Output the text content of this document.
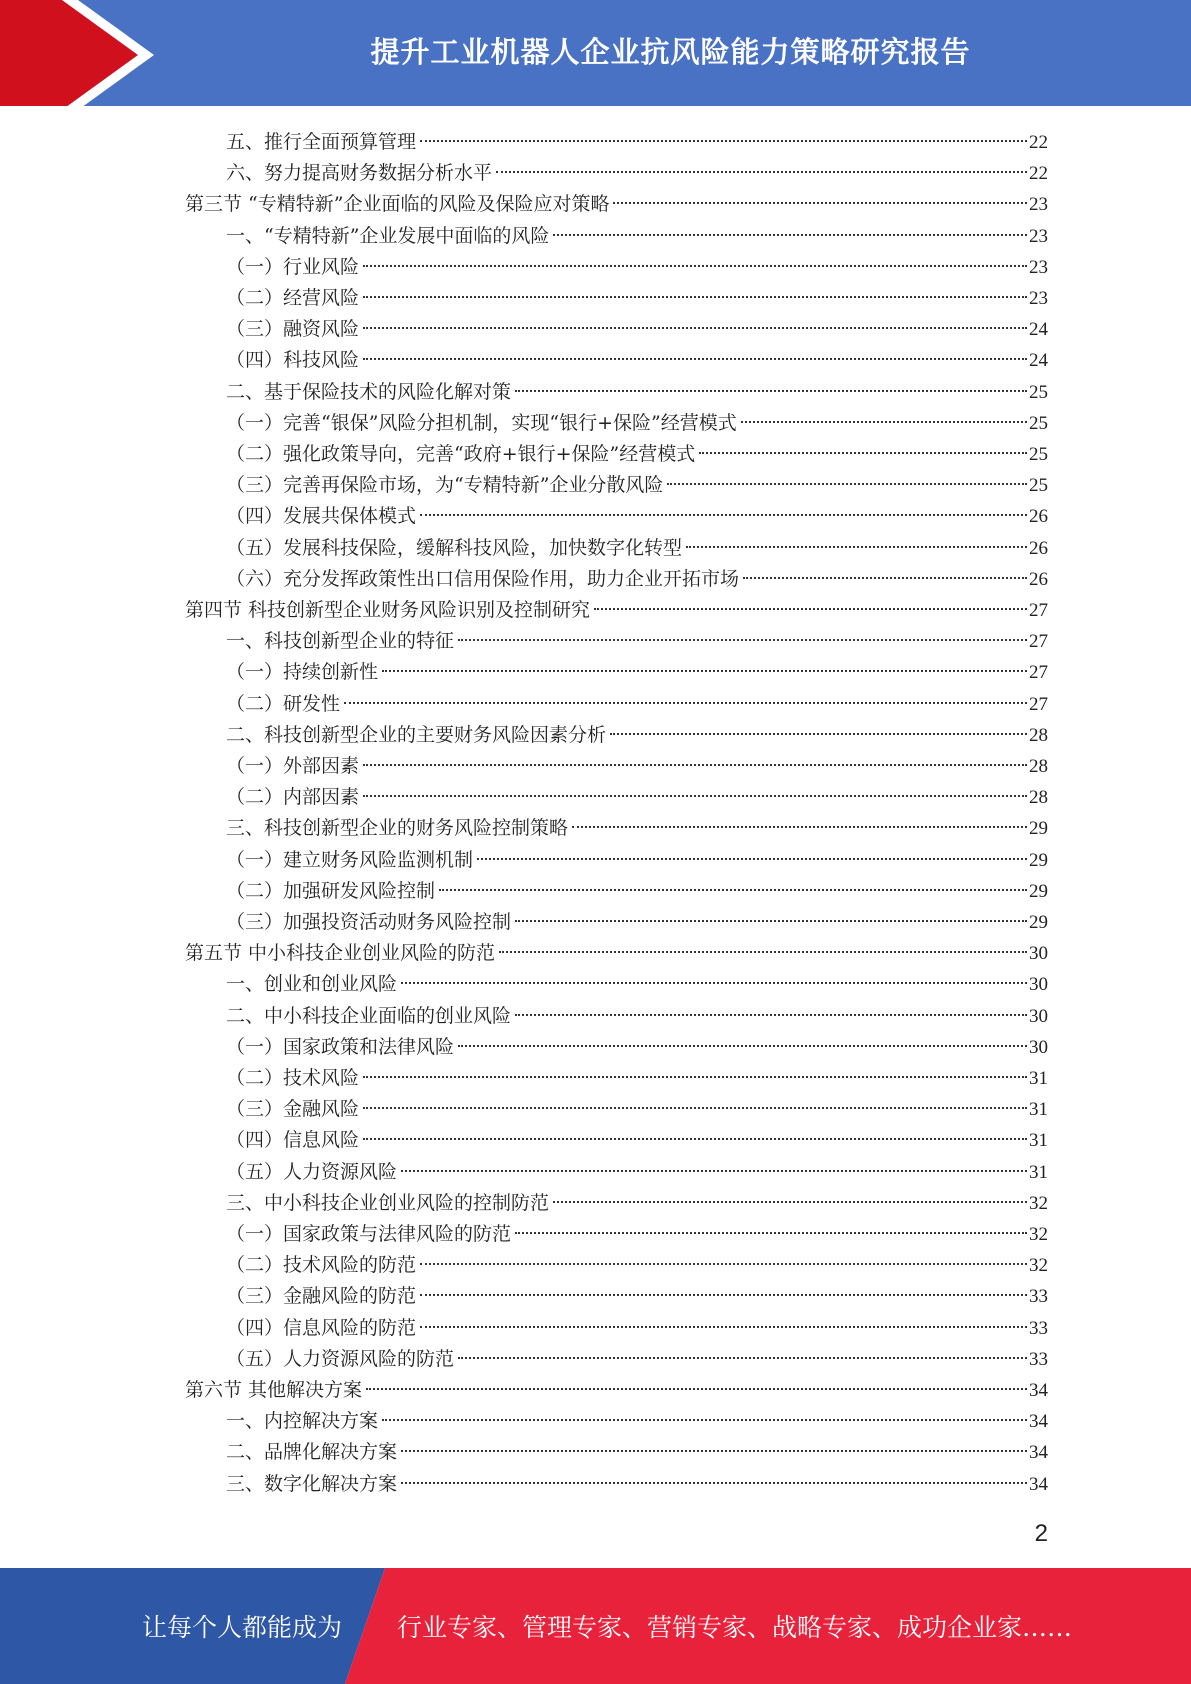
提升工业机器人企业抗风险能力策略研究报告
五、推行全面预算管理	22
六、努力提高财务数据分析水平	22
第三节 “专精特新”企业面临的风险及保险应对策略	23
一、“专精特新”企业发展中面临的风险	23
（一）行业风险	23
（二）经营风险	23
（三）融资风险	24
（四）科技风险	24
二、基于保险技术的风险化解对策	25
（一）完善“银保”风险分担机制，实现“银行+保险”经营模式	25
（二）强化政策导向，完善“政府+银行+保险”经营模式	25
（三）完善再保险市场，为“专精特新”企业分散风险	25
（四）发展共保体模式	26
（五）发展科技保险，缓解科技风险，加快数字化转型	26
（六）充分发挥政策性出口信用保险作用，助力企业开拓市场	26
第四节 科技创新型企业财务风险识别及控制研究	27
一、科技创新型企业的特征	27
（一）持续创新性	27
（二）研发性	27
二、科技创新型企业的主要财务风险因素分析	28
（一）外部因素	28
（二）内部因素	28
三、科技创新型企业的财务风险控制策略	29
（一）建立财务风险监测机制	29
（二）加强研发风险控制	29
（三）加强投资活动财务风险控制	29
第五节 中小科技企业创业风险的防范	30
一、创业和创业风险	30
二、中小科技企业面临的创业风险	30
（一）国家政策和法律风险	30
（二）技术风险	31
（三）金融风险	31
（四）信息风险	31
（五）人力资源风险	31
三、中小科技企业创业风险的控制防范	32
（一）国家政策与法律风险的防范	32
（二）技术风险的防范	32
（三）金融风险的防范	33
（四）信息风险的防范	33
（五）人力资源风险的防范	33
第六节 其他解决方案	34
一、内控解决方案	34
二、品牌化解决方案	34
三、数字化解决方案	34
2
让每个人都能成为 行业专家、管理专家、营销专家、战略专家、成功企业家……
